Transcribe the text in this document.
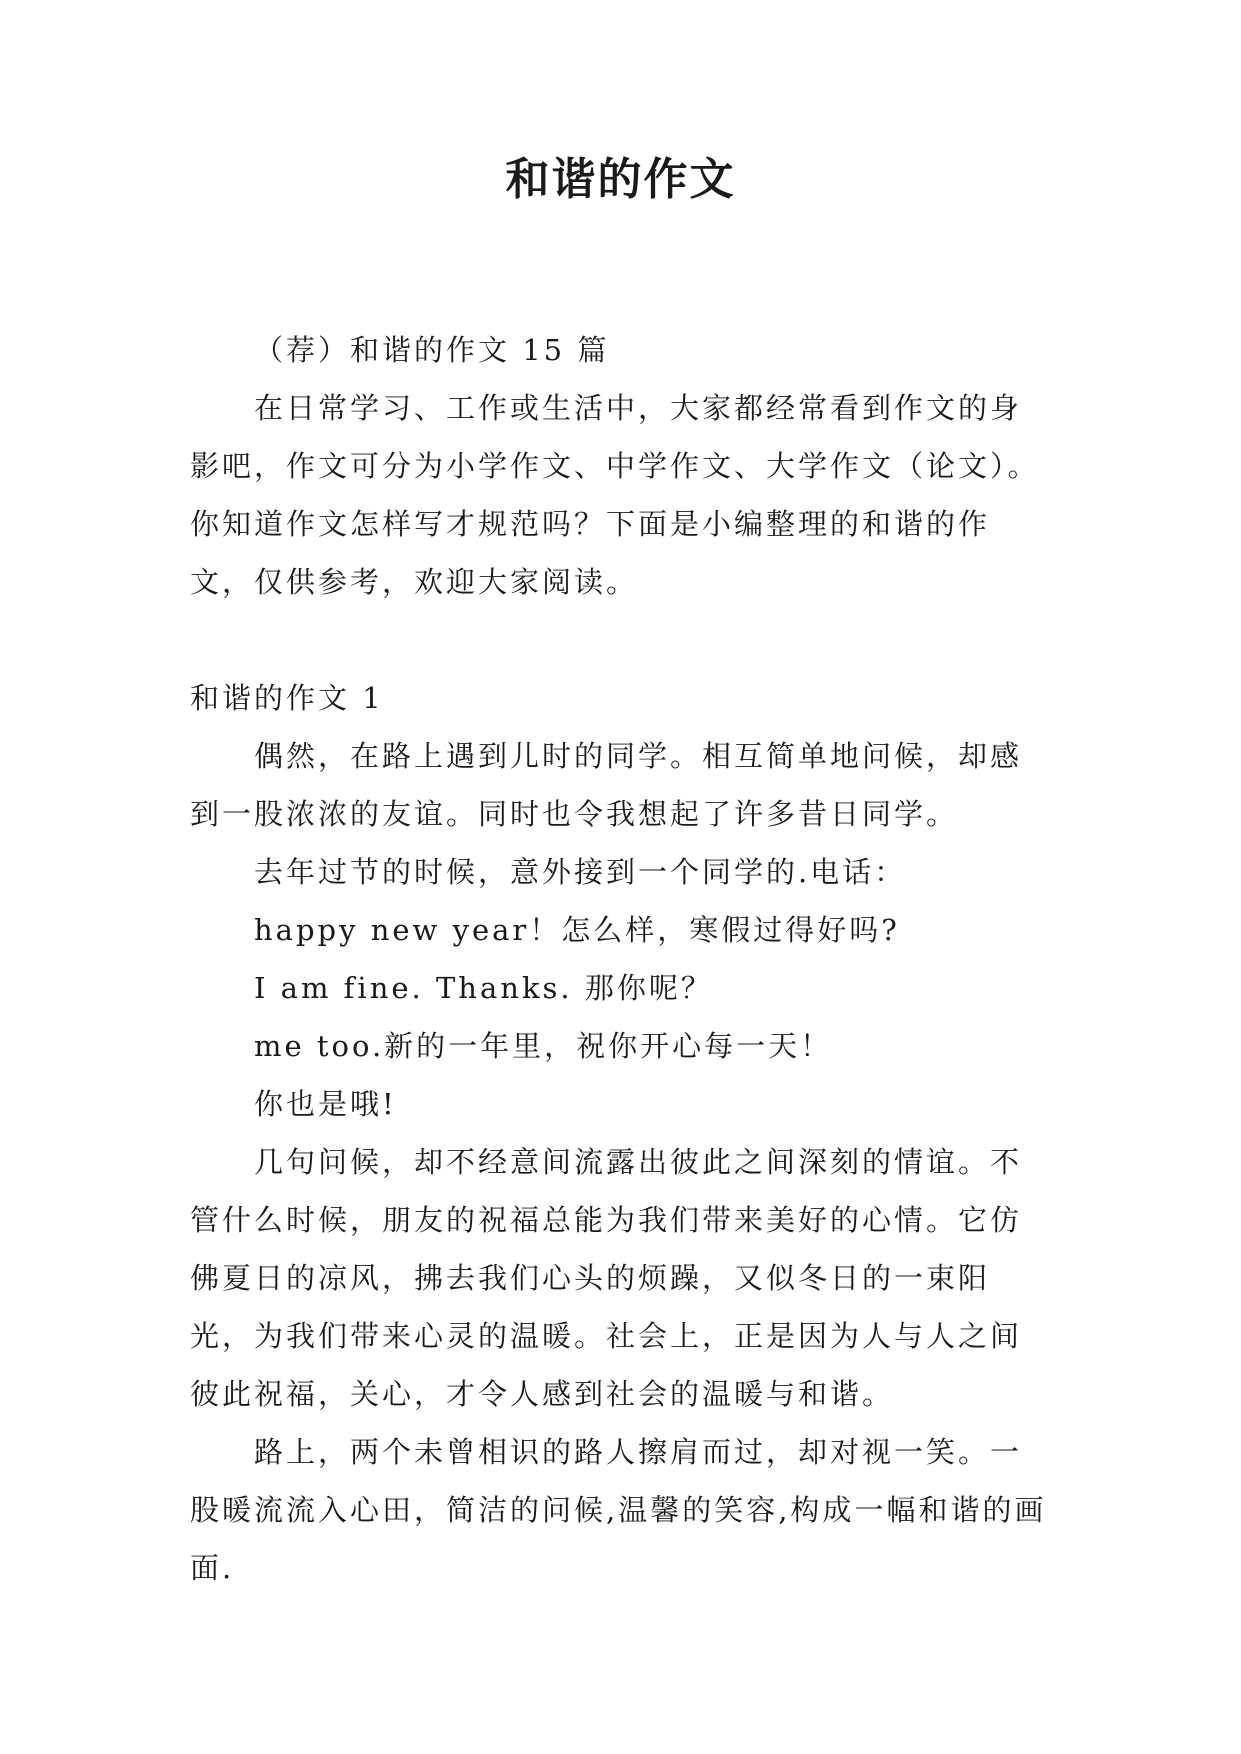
和谐的作文

（荐）和谐的作文 15 篇

在日常学习、工作或生活中，大家都经常看到作文的身影吧，作文可分为小学作文、中学作文、大学作文（论文）。你知道作文怎样写才规范吗？下面是小编整理的和谐的作文，仅供参考，欢迎大家阅读。

和谐的作文 1

偶然，在路上遇到儿时的同学。相互简单地问候，却感到一股浓浓的友谊。同时也令我想起了许多昔日同学。

去年过节的时候，意外接到一个同学的.电话：

happy new year！怎么样，寒假过得好吗?

I am fine. Thanks. 那你呢？

me too.新的一年里，祝你开心每一天！

你也是哦!

几句问候，却不经意间流露出彼此之间深刻的情谊。不管什么时候，朋友的祝福总能为我们带来美好的心情。它仿佛夏日的凉风，拂去我们心头的烦躁，又似冬日的一束阳光，为我们带来心灵的温暖。社会上，正是因为人与人之间彼此祝福，关心，才令人感到社会的温暖与和谐。

路上，两个未曾相识的路人擦肩而过，却对视一笑。一股暖流流入心田，简洁的问候,温馨的笑容,构成一幅和谐的画面.
